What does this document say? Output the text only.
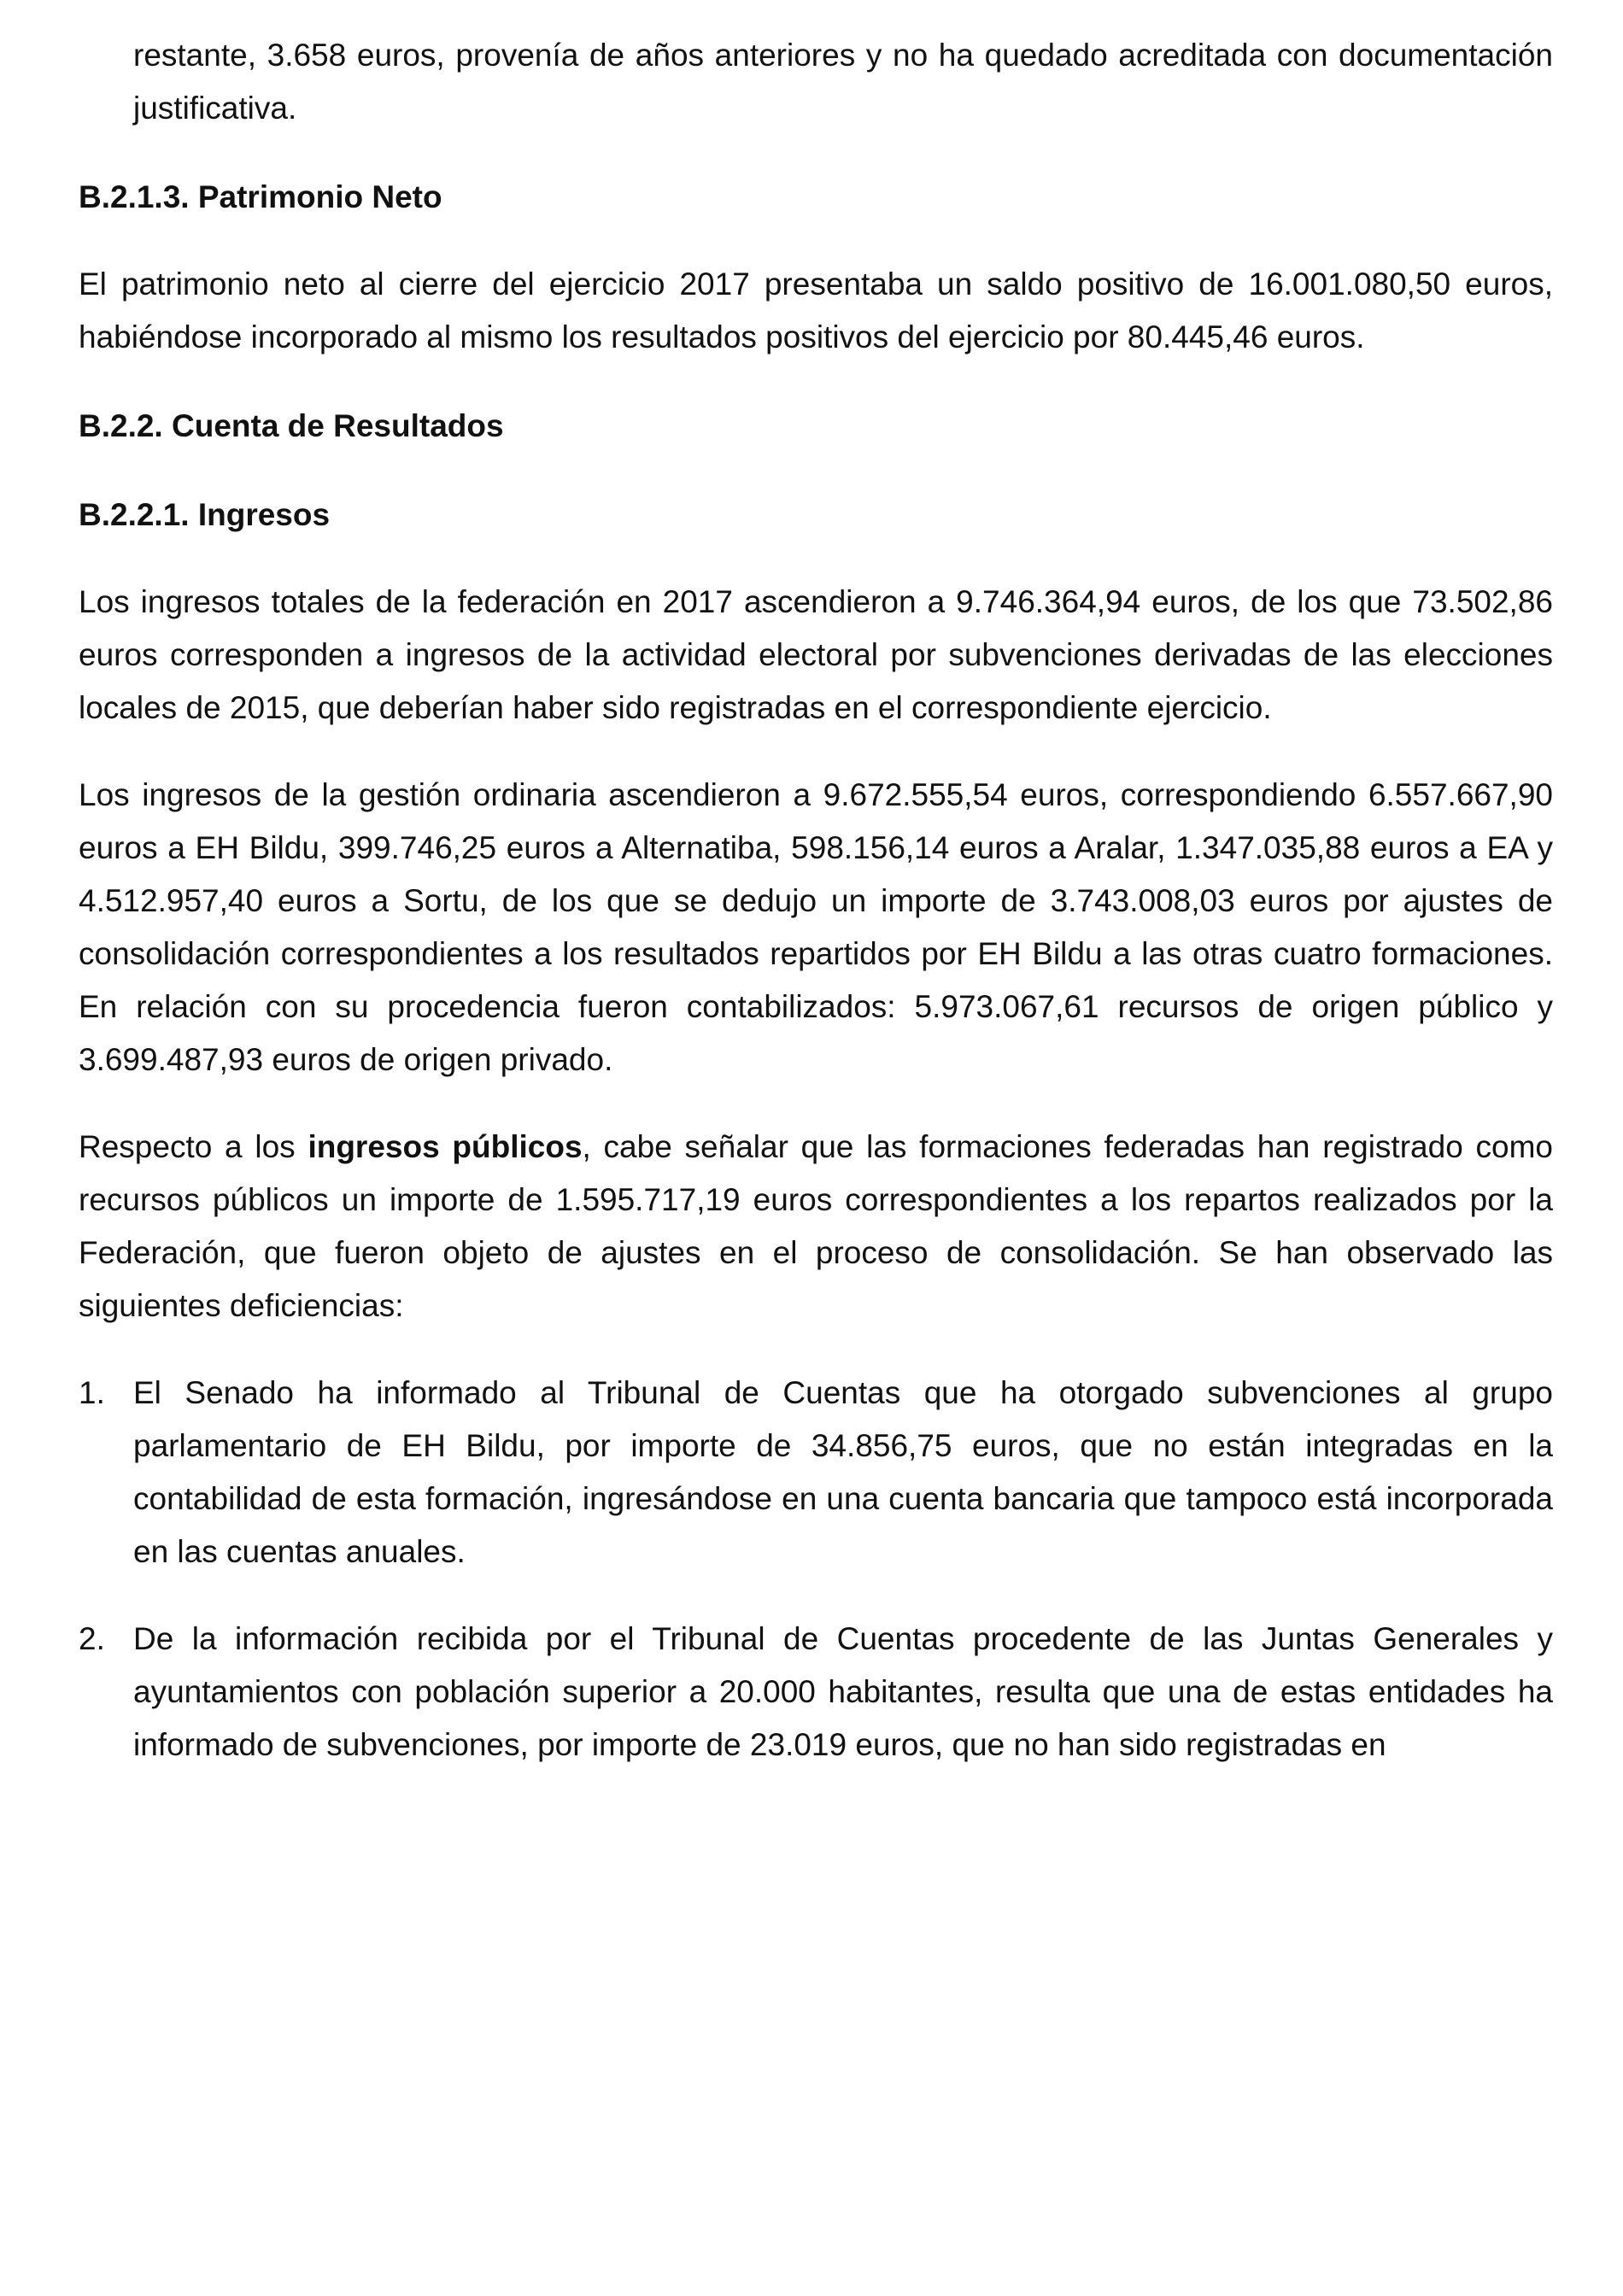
restante, 3.658 euros, provenía de años anteriores y no ha quedado acreditada con documentación justificativa.

B.2.1.3. Patrimonio Neto

El patrimonio neto al cierre del ejercicio 2017 presentaba un saldo positivo de 16.001.080,50 euros, habiéndose incorporado al mismo los resultados positivos del ejercicio por 80.445,46 euros.

B.2.2. Cuenta de Resultados
B.2.2.1. Ingresos

Los ingresos totales de la federación en 2017 ascendieron a 9.746.364,94 euros, de los que 73.502,86 euros corresponden a ingresos de la actividad electoral por subvenciones derivadas de las elecciones locales de 2015, que deberían haber sido registradas en el correspondiente ejercicio.

Los ingresos de la gestión ordinaria ascendieron a 9.672.555,54 euros, correspondiendo 6.557.667,90 euros a EH Bildu, 399.746,25 euros a Alternatiba, 598.156,14 euros a Aralar, 1.347.035,88 euros a EA y 4.512.957,40 euros a Sortu, de los que se dedujo un importe de 3.743.008,03 euros por ajustes de consolidación correspondientes a los resultados repartidos por EH Bildu a las otras cuatro formaciones. En relación con su procedencia fueron contabilizados: 5.973.067,61 recursos de origen público y 3.699.487,93 euros de origen privado.

Respecto a los ingresos públicos, cabe señalar que las formaciones federadas han registrado como recursos públicos un importe de 1.595.717,19 euros correspondientes a los repartos realizados por la Federación, que fueron objeto de ajustes en el proceso de consolidación. Se han observado las siguientes deficiencias:

1. El Senado ha informado al Tribunal de Cuentas que ha otorgado subvenciones al grupo parlamentario de EH Bildu, por importe de 34.856,75 euros, que no están integradas en la contabilidad de esta formación, ingresándose en una cuenta bancaria que tampoco está incorporada en las cuentas anuales.
2. De la información recibida por el Tribunal de Cuentas procedente de las Juntas Generales y ayuntamientos con población superior a 20.000 habitantes, resulta que una de estas entidades ha informado de subvenciones, por importe de 23.019 euros, que no han sido registradas en
